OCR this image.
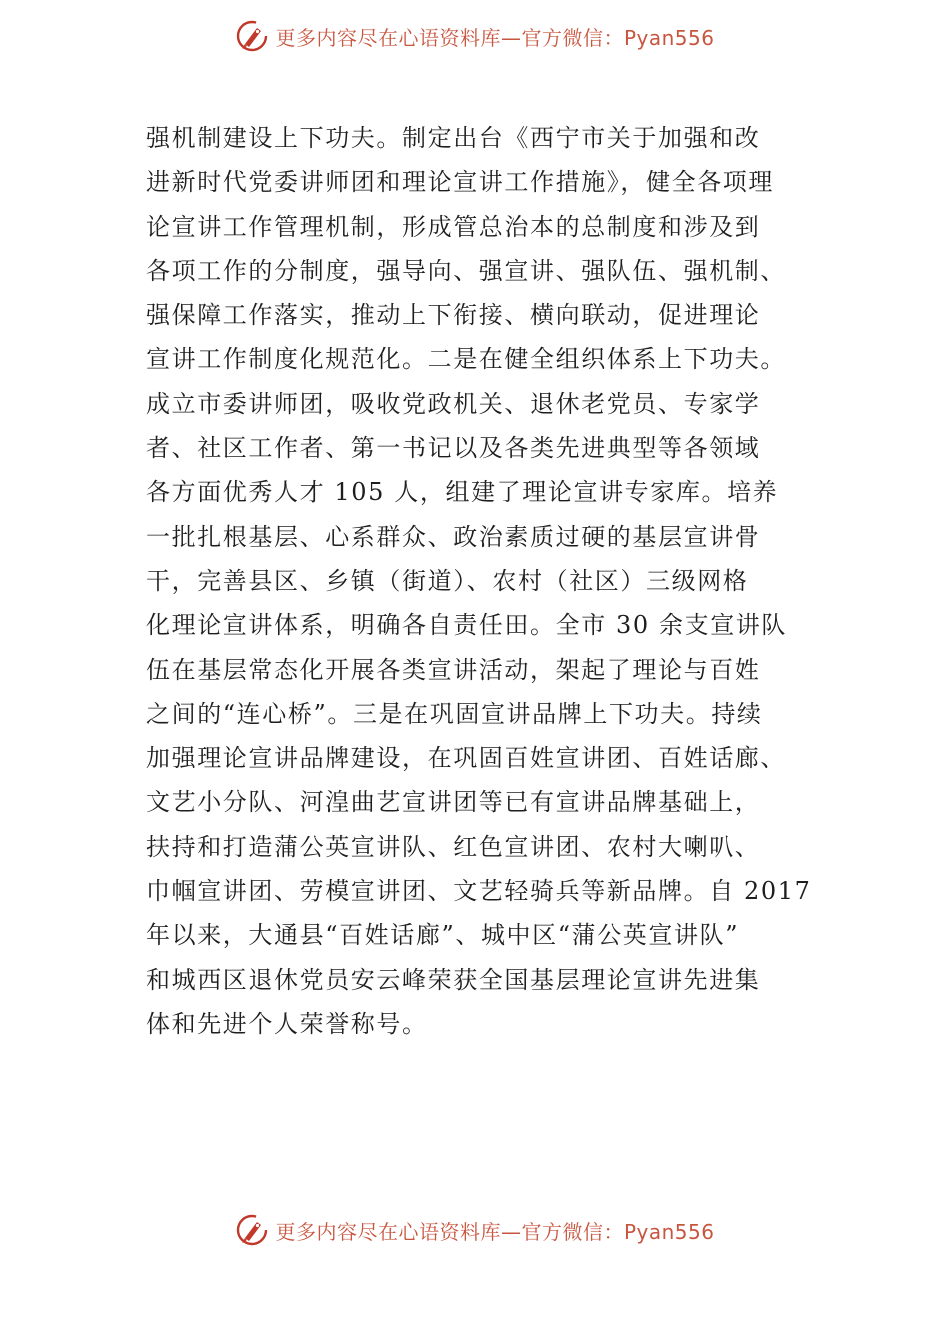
更多内容尽在心语资料库—官方微信：Pyan556
强机制建设上下功夫。制定出台《西宁市关于加强和改
进新时代党委讲师团和理论宣讲工作措施》，健全各项理
论宣讲工作管理机制，形成管总治本的总制度和涉及到
各项工作的分制度，强导向、强宣讲、强队伍、强机制、
强保障工作落实，推动上下衔接、横向联动，促进理论
宣讲工作制度化规范化。二是在健全组织体系上下功夫。
成立市委讲师团，吸收党政机关、退休老党员、专家学
者、社区工作者、第一书记以及各类先进典型等各领域
各方面优秀人才 105 人，组建了理论宣讲专家库。培养
一批扎根基层、心系群众、政治素质过硬的基层宣讲骨
干，完善县区、乡镇（街道）、农村（社区）三级网格
化理论宣讲体系，明确各自责任田。全市 30 余支宣讲队
伍在基层常态化开展各类宣讲活动，架起了理论与百姓
之间的“连心桥”。三是在巩固宣讲品牌上下功夫。持续
加强理论宣讲品牌建设，在巩固百姓宣讲团、百姓话廊、
文艺小分队、河湟曲艺宣讲团等已有宣讲品牌基础上，
扶持和打造蒲公英宣讲队、红色宣讲团、农村大喇叭、
巾帼宣讲团、劳模宣讲团、文艺轻骑兵等新品牌。自 2017
年以来，大通县“百姓话廊”、城中区“蒲公英宣讲队”
和城西区退休党员安云峰荣获全国基层理论宣讲先进集
体和先进个人荣誉称号。
更多内容尽在心语资料库—官方微信：Pyan556
